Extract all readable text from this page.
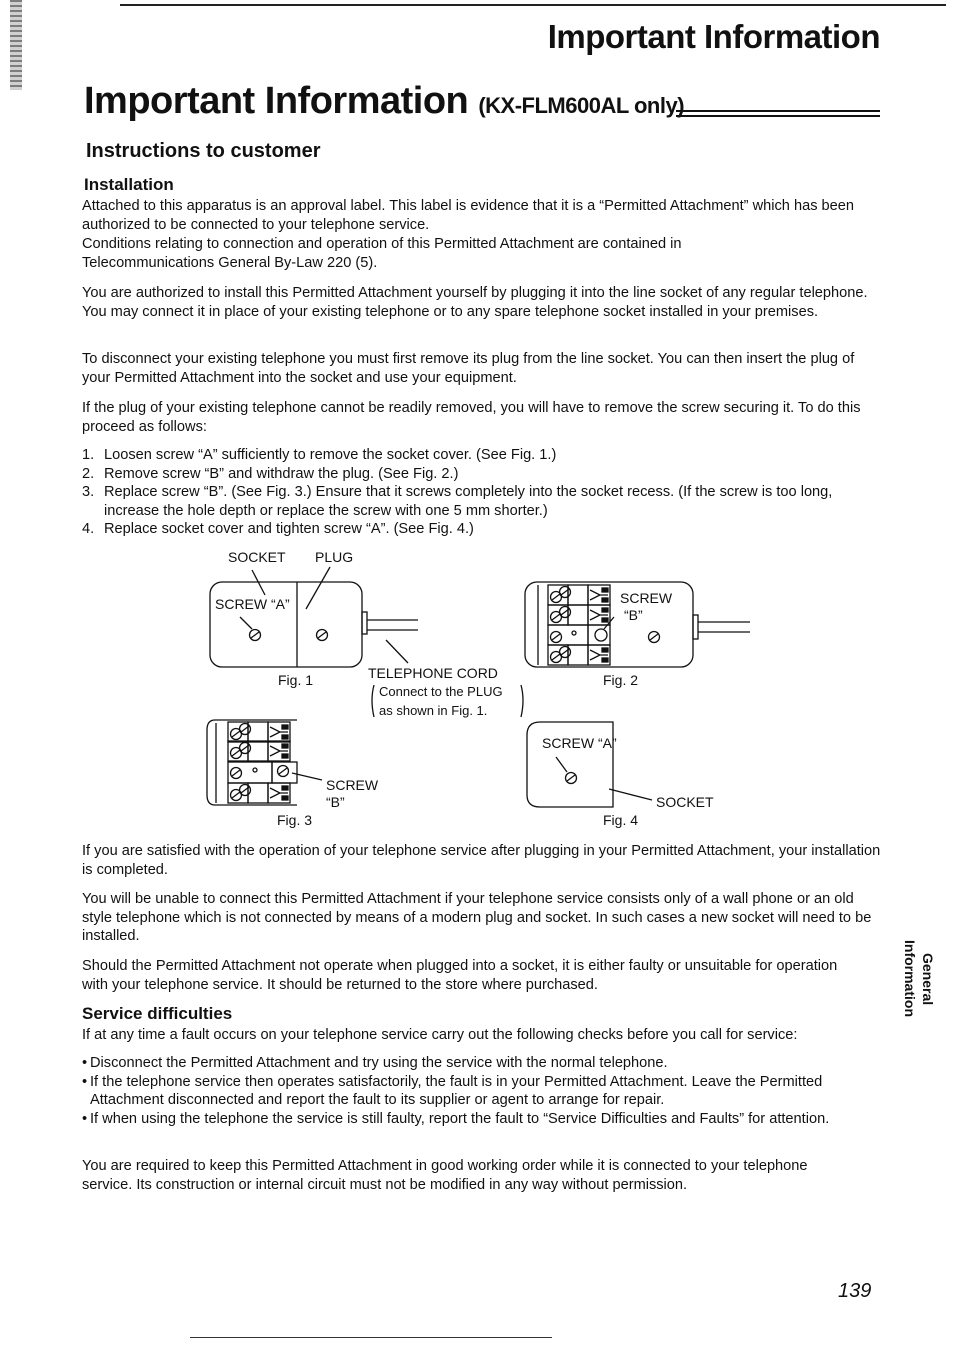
Important Information
Important Information (KX-FLM600AL only)
Instructions to customer
Installation
Attached to this apparatus is an approval label. This label is evidence that it is a “Permitted Attachment” which has been authorized to be connected to your telephone service.
Conditions relating to connection and operation of this Permitted Attachment are contained in Telecommunications General By-Law 220 (5).
You are authorized to install this Permitted Attachment yourself by plugging it into the line socket of any regular telephone. You may connect it in place of your existing telephone or to any spare telephone socket installed in your premises.
To disconnect your existing telephone you must first remove its plug from the line socket. You can then insert the plug of your Permitted Attachment into the socket and use your equipment.
If the plug of your existing telephone cannot be readily removed, you will have to remove the screw securing it. To do this proceed as follows:
1. Loosen screw “A” sufficiently to remove the socket cover. (See Fig. 1.)
2. Remove screw “B” and withdraw the plug. (See Fig. 2.)
3. Replace screw “B”. (See Fig. 3.) Ensure that it screws completely into the socket recess. (If the screw is too long, increase the hole depth or replace the screw with one 5 mm shorter.)
4. Replace socket cover and tighten screw “A”. (See Fig. 4.)
SOCKET PLUG
SCREW “A”
Fig. 1	TELEPHONE CORD
Connect to the PLUG
as shown in Fig. 1.
SCREW
“B”
Fig. 2
SCREW
“B”
Fig. 3
SCREW “A”
SOCKET
Fig. 4
If you are satisfied with the operation of your telephone service after plugging in your Permitted Attachment, your installation is completed.
You will be unable to connect this Permitted Attachment if your telephone service consists only of a wall phone or an old style telephone which is not connected by means of a modern plug and socket. In such cases a new socket will need to be installed.
Should the Permitted Attachment not operate when plugged into a socket, it is either faulty or unsuitable for operation with your telephone service. It should be returned to the store where purchased.
Service difficulties
If at any time a fault occurs on your telephone service carry out the following checks before you call for service:
• Disconnect the Permitted Attachment and try using the service with the normal telephone.
• If the telephone service then operates satisfactorily, the fault is in your Permitted Attachment. Leave the Permitted Attachment disconnected and report the fault to its supplier or agent to arrange for repair.
• If when using the telephone the service is still faulty, report the fault to “Service Difficulties and Faults” for attention.
You are required to keep this Permitted Attachment in good working order while it is connected to your telephone service. Its construction or internal circuit must not be modified in any way without permission.
General
Information
139
